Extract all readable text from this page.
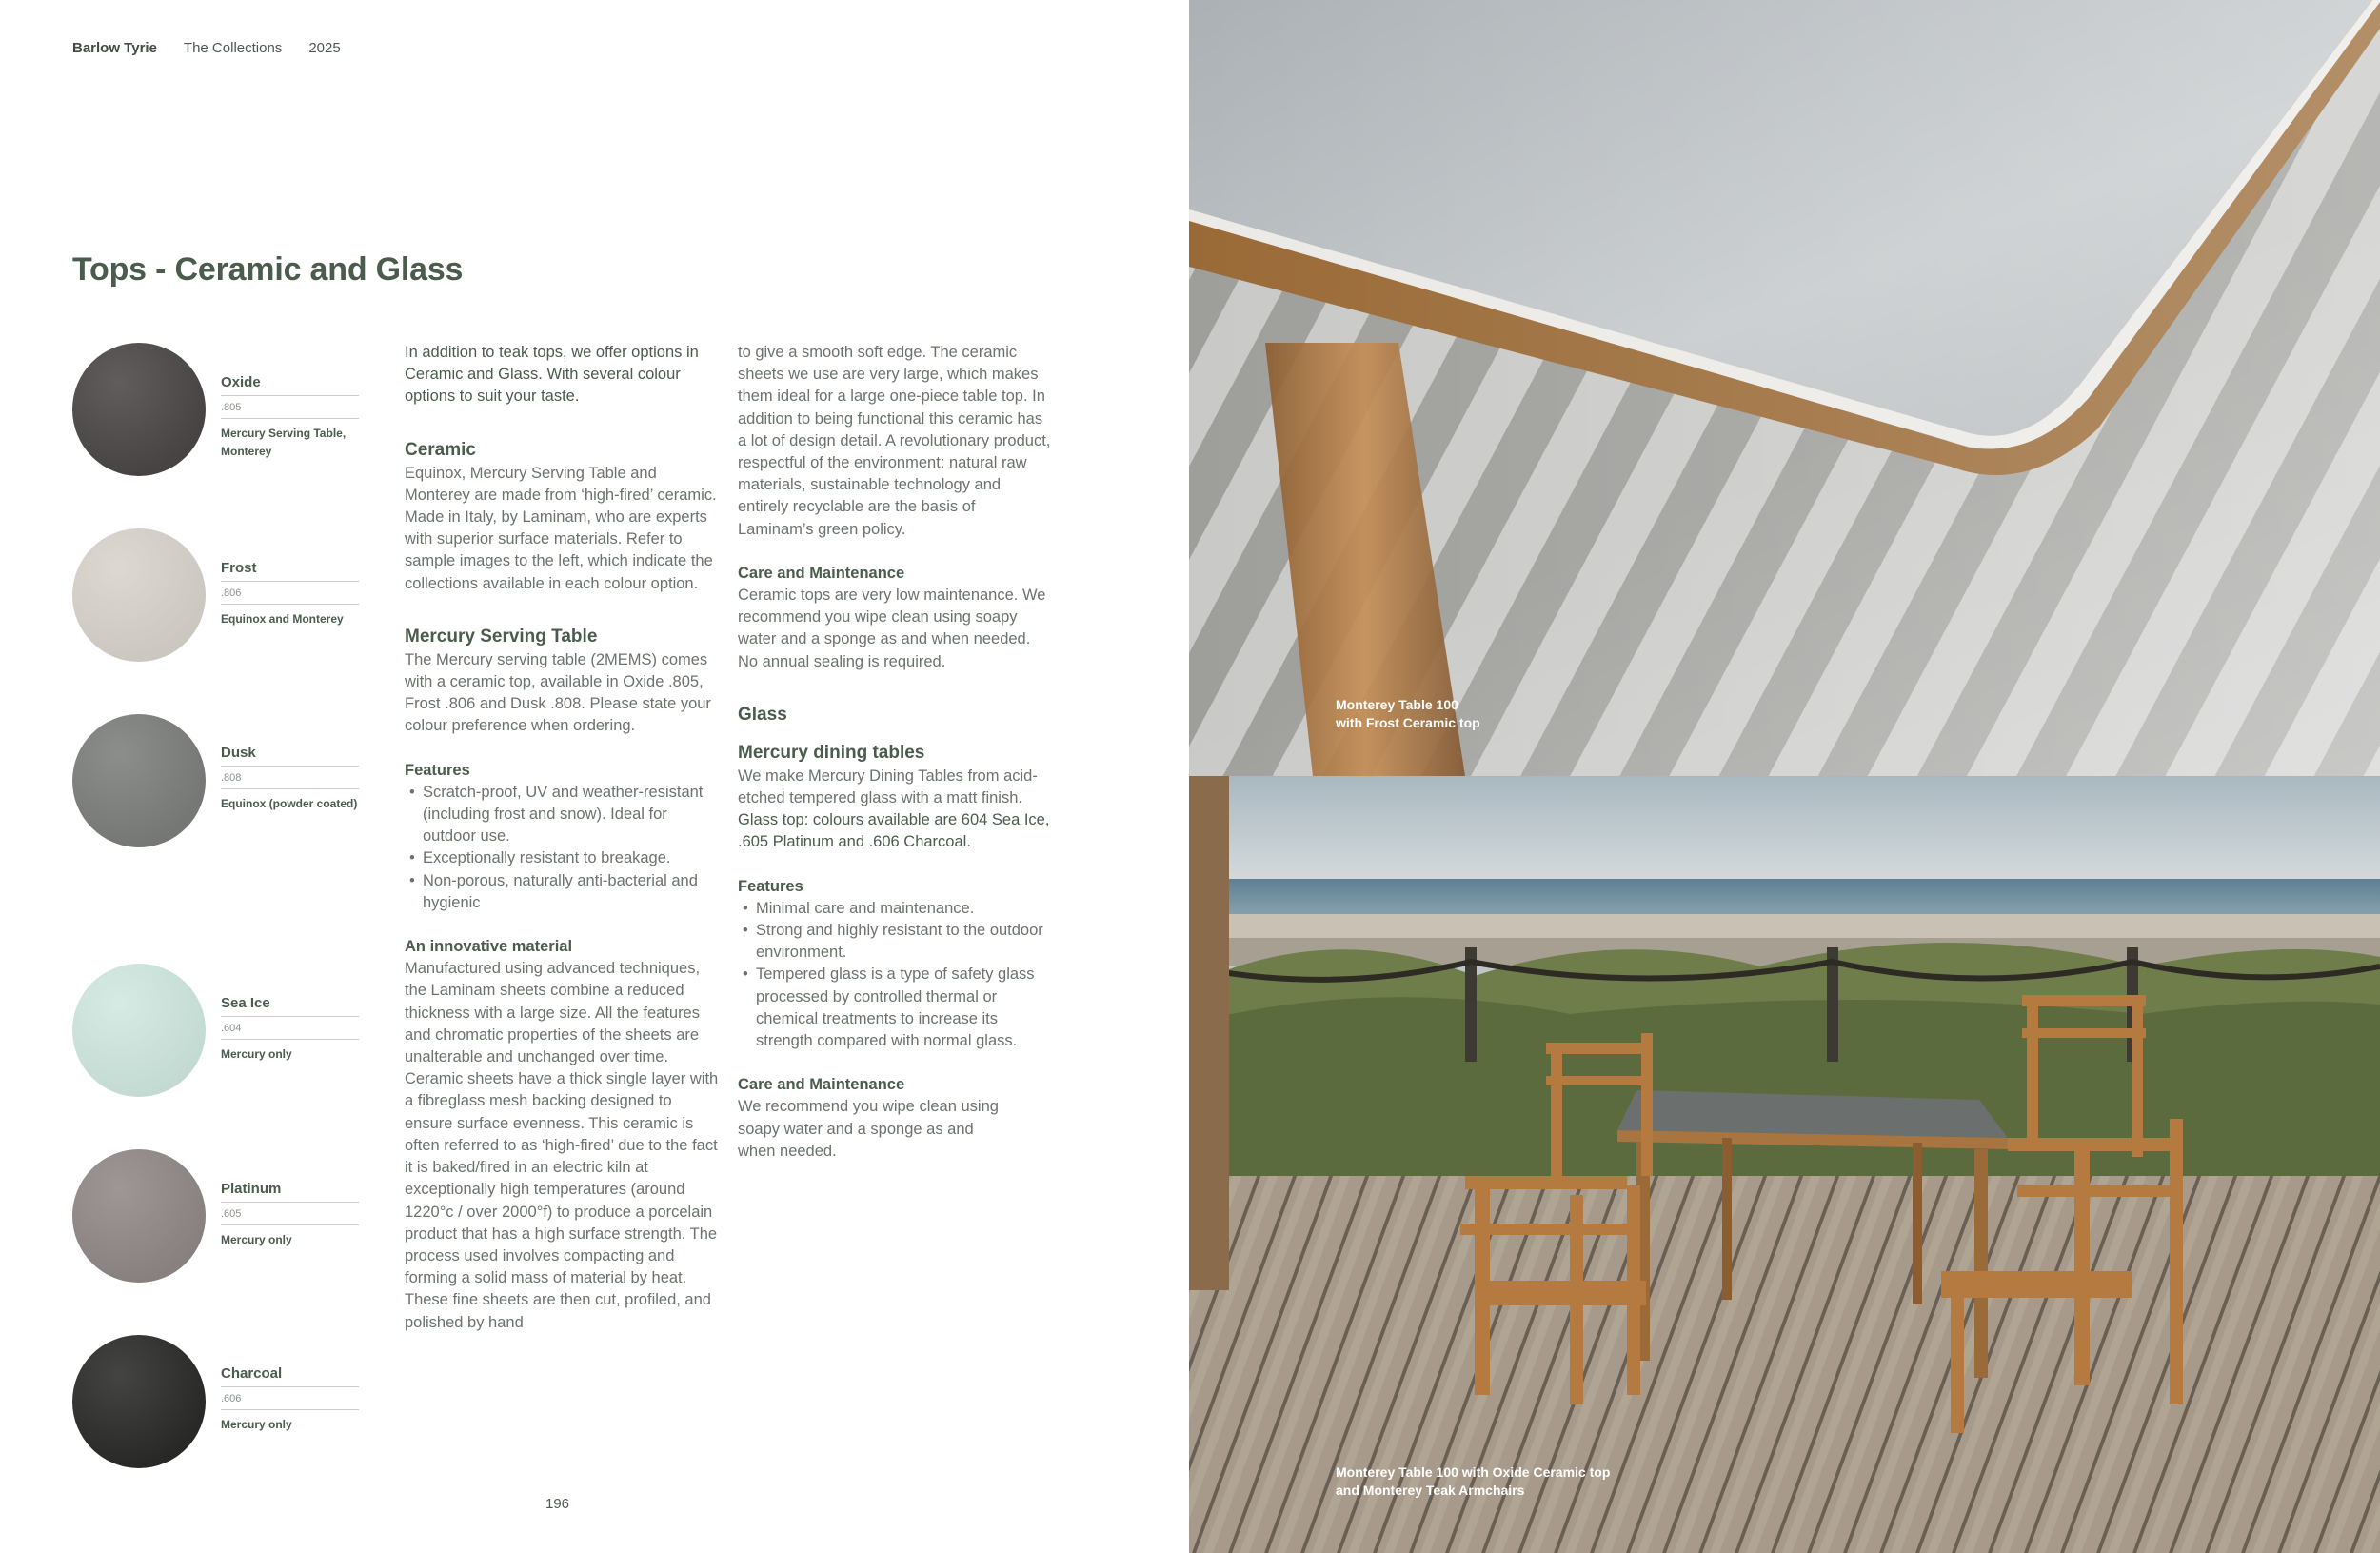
Barlow Tyrie The Collections 2025
Tops - Ceramic and Glass
Oxide
.805
Mercury Serving Table, Monterey
Frost
.806
Equinox and Monterey
Dusk
.808
Equinox (powder coated)
Sea Ice
.604
Mercury only
Platinum
.605
Mercury only
Charcoal
.606
Mercury only

In addition to teak tops, we offer options in Ceramic and Glass. With several colour options to suit your taste.

Ceramic

Equinox, Mercury Serving Table and Monterey are made from ‘high-fired’ ceramic. Made in Italy, by Laminam, who are experts with superior surface materials. Refer to sample images to the left, which indicate the collections available in each colour option.

Mercury Serving Table

The Mercury serving table (2MEMS) comes with a ceramic top, available in Oxide .805, Frost .806 and Dusk .808. Please state your colour preference when ordering.

Features
• Scratch-proof, UV and weather-resistant (including frost and snow). Ideal for outdoor use.
• Exceptionally resistant to breakage.
• Non-porous, naturally anti-bacterial and hygienic
An innovative material

Manufactured using advanced techniques, the Laminam sheets combine a reduced thickness with a large size. All the features and chromatic properties of the sheets are unalterable and unchanged over time. Ceramic sheets have a thick single layer with a fibreglass mesh backing designed to ensure surface evenness. This ceramic is often referred to as ‘high-fired’ due to the fact it is baked/fired in an electric kiln at exceptionally high temperatures (around 1220°c / over 2000°f) to produce a porcelain product that has a high surface strength. The process used involves compacting and forming a solid mass of material by heat. These fine sheets are then cut, profiled, and polished by hand

to give a smooth soft edge. The ceramic sheets we use are very large, which makes them ideal for a large one-piece table top. In addition to being functional this ceramic has a lot of design detail. A revolutionary product, respectful of the environment: natural raw materials, sustainable technology and entirely recyclable are the basis of Laminam’s green policy.

Care and Maintenance

Ceramic tops are very low maintenance. We recommend you wipe clean using soapy water and a sponge as and when needed. No annual sealing is required.

Glass
Mercury dining tables

We make Mercury Dining Tables from acid-etched tempered glass with a matt finish.

Glass top: colours available are 604 Sea Ice, .605 Platinum and .606 Charcoal.

Features
• Minimal care and maintenance.
• Strong and highly resistant to the outdoor environment.
• Tempered glass is a type of safety glass processed by controlled thermal or chemical treatments to increase its strength compared with normal glass.
Care and Maintenance

We recommend you wipe clean using soapy water and a sponge as and when needed.

196
Monterey Table 100
with Frost Ceramic top
Monterey Table 100 with Oxide Ceramic top
and Monterey Teak Armchairs
